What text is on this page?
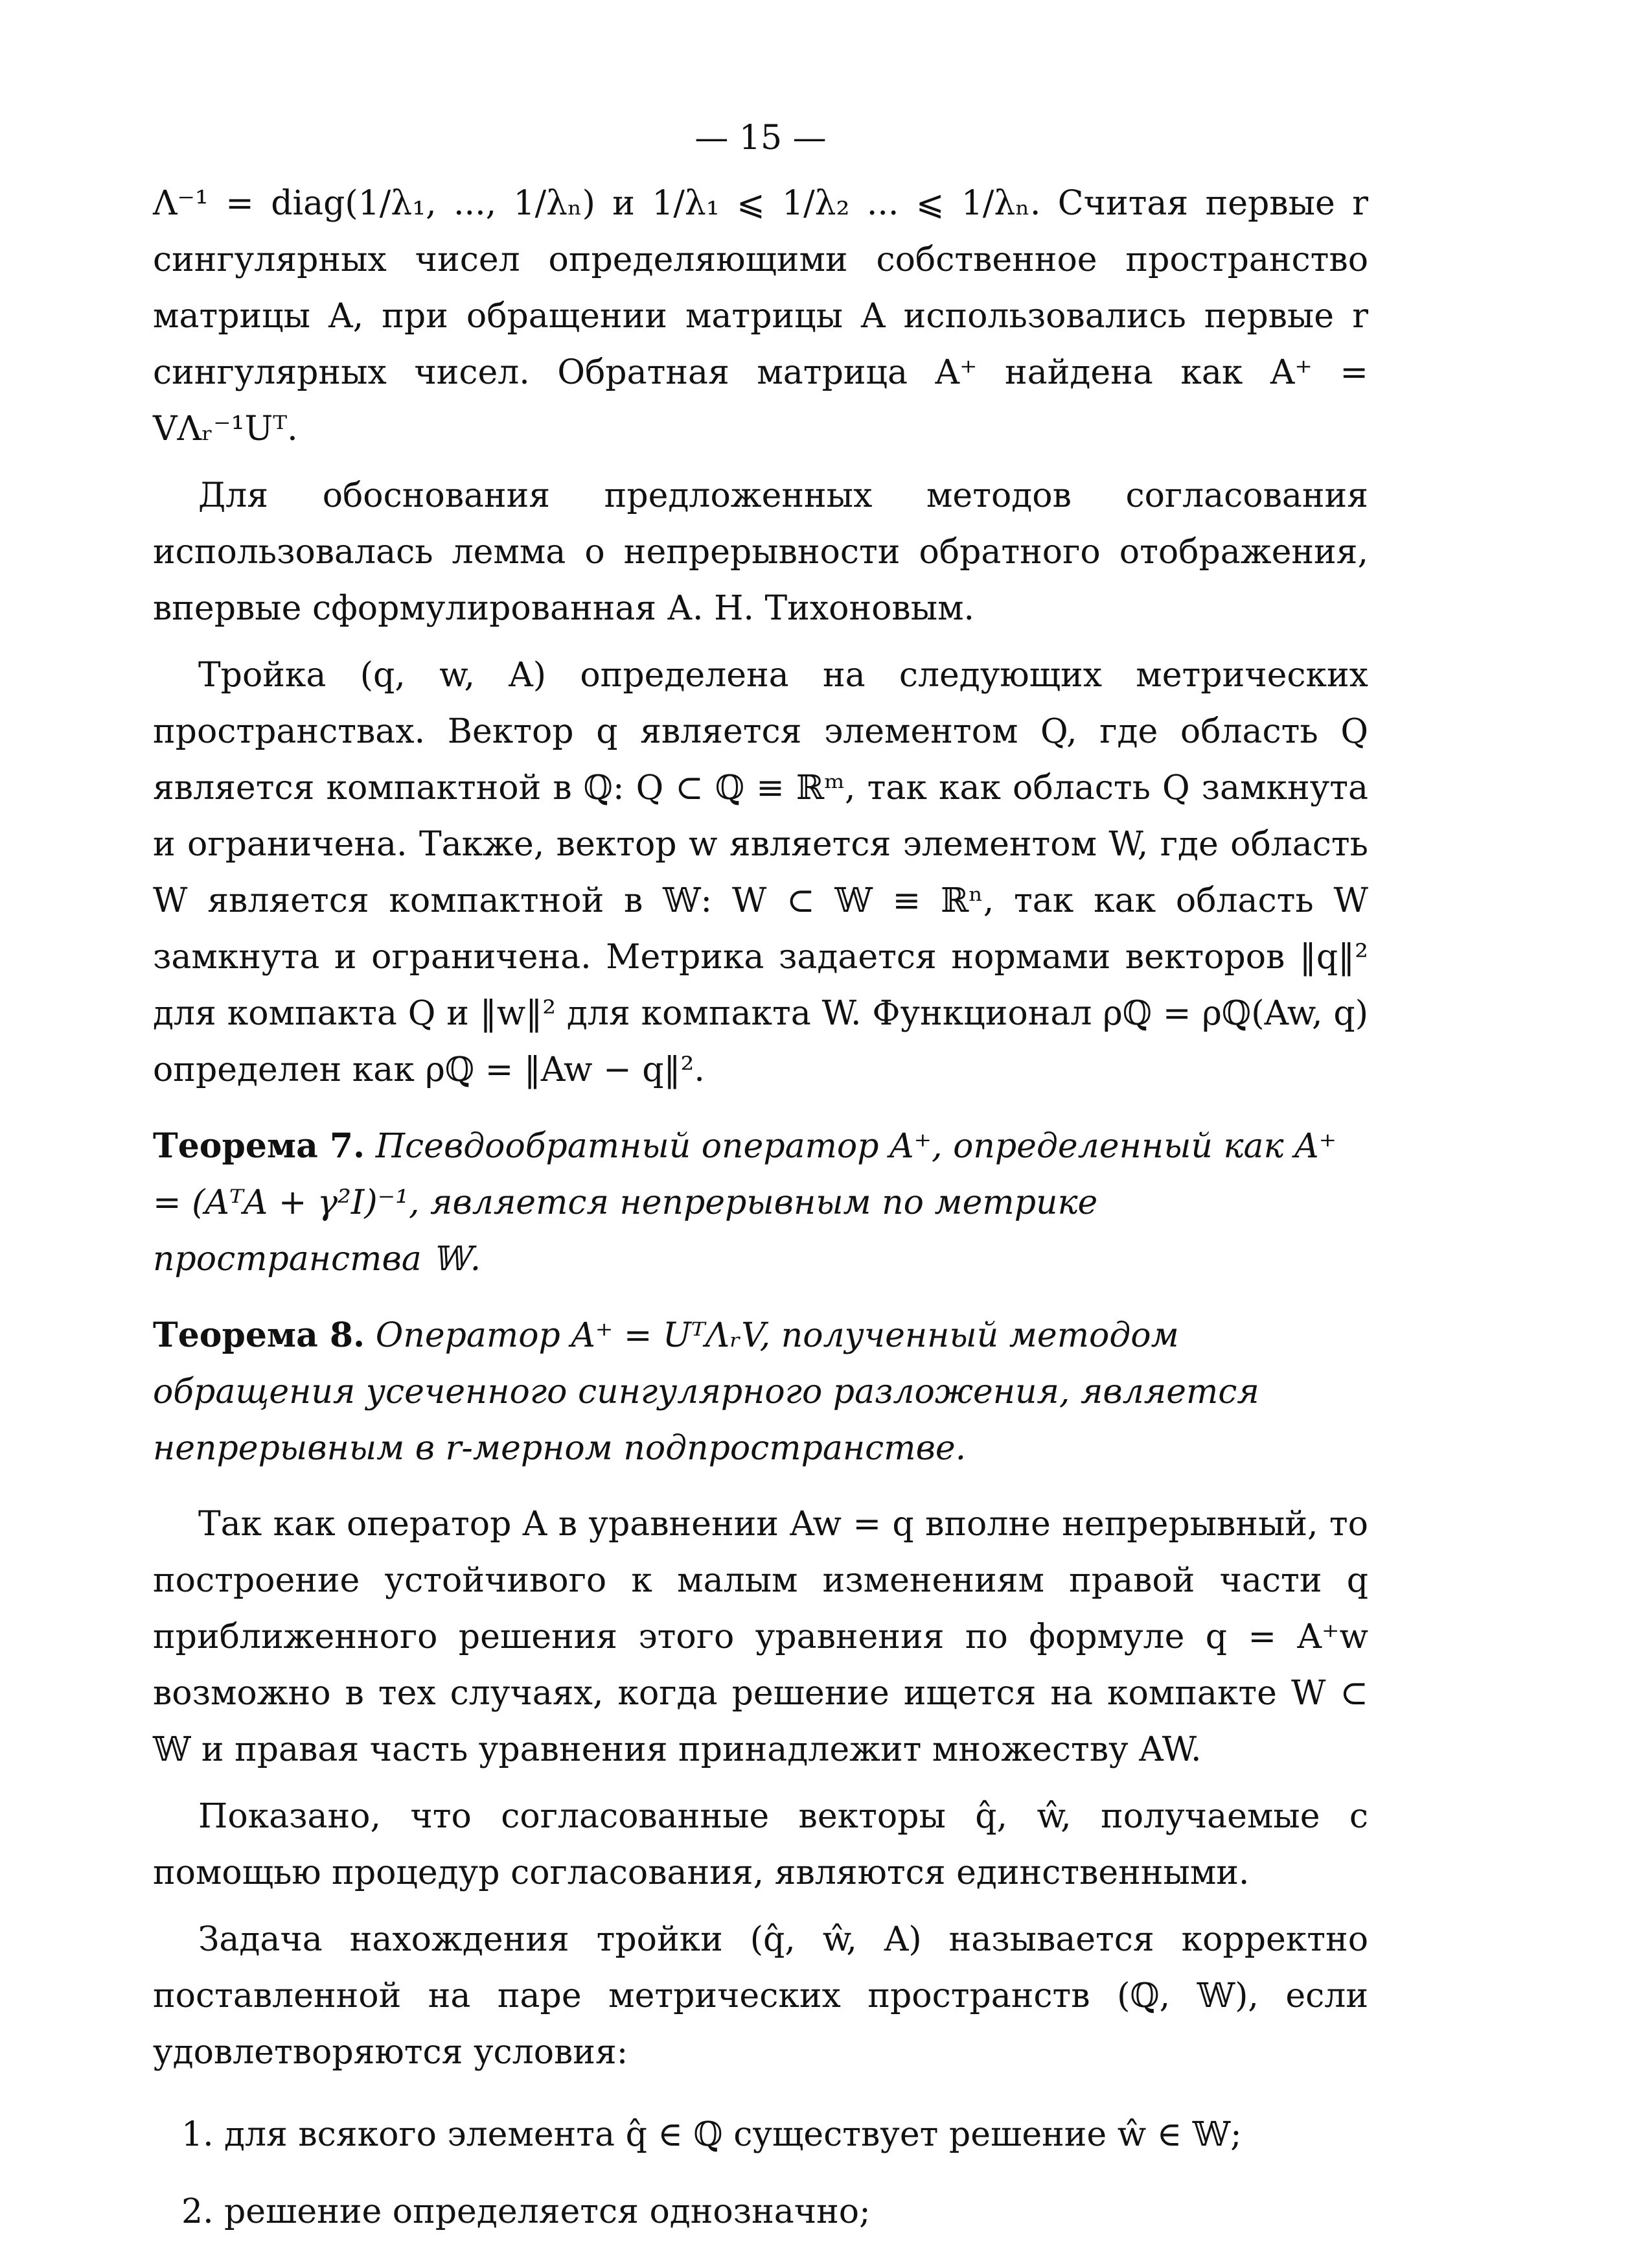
— 15 —

Λ⁻¹ = diag(1/λ₁, ..., 1/λₙ) и 1/λ₁ ⩽ 1/λ₂ ... ⩽ 1/λₙ. Считая первые r сингулярных чисел определяющими собственное пространство матрицы A, при обращении матрицы A использовались первые r сингулярных чисел. Обратная матрица A⁺ найдена как A⁺ = VΛᵣ⁻¹Uᵀ.

Для обоснования предложенных методов согласования использовалась лемма о непрерывности обратного отображения, впервые сформулированная А. Н. Тихоновым.

Тройка (q, w, A) определена на следующих метрических пространствах. Вектор q является элементом Q, где область Q является компактной в ℚ: Q ⊂ ℚ ≡ ℝᵐ, так как область Q замкнута и ограничена. Также, вектор w является элементом W, где область W является компактной в 𝕎: W ⊂ 𝕎 ≡ ℝⁿ, так как область W замкнута и ограничена. Метрика задается нормами векторов ‖q‖² для компакта Q и ‖w‖² для компакта W. Функционал ρℚ = ρℚ(Aw, q) определен как ρℚ = ‖Aw − q‖².

Теорема 7. Псевдообратный оператор A⁺, определенный как A⁺ = (AᵀA + γ²I)⁻¹, является непрерывным по метрике пространства 𝕎.
Теорема 8. Оператор A⁺ = UᵀΛᵣV, полученный методом обращения усеченного сингулярного разложения, является непрерывным в r-мерном подпространстве.

Так как оператор A в уравнении Aw = q вполне непрерывный, то построение устойчивого к малым изменениям правой части q приближенного решения этого уравнения по формуле q = A⁺w возможно в тех случаях, когда решение ищется на компакте W ⊂ 𝕎 и правая часть уравнения принадлежит множеству AW.

Показано, что согласованные векторы q̂, ŵ, получаемые с помощью процедур согласования, являются единственными.

Задача нахождения тройки (q̂, ŵ, A) называется корректно поставленной на паре метрических пространств (ℚ, 𝕎), если удовлетворяются условия:

1. для всякого элемента q̂ ∈ ℚ существует решение ŵ ∈ 𝕎;
2. решение определяется однозначно;
